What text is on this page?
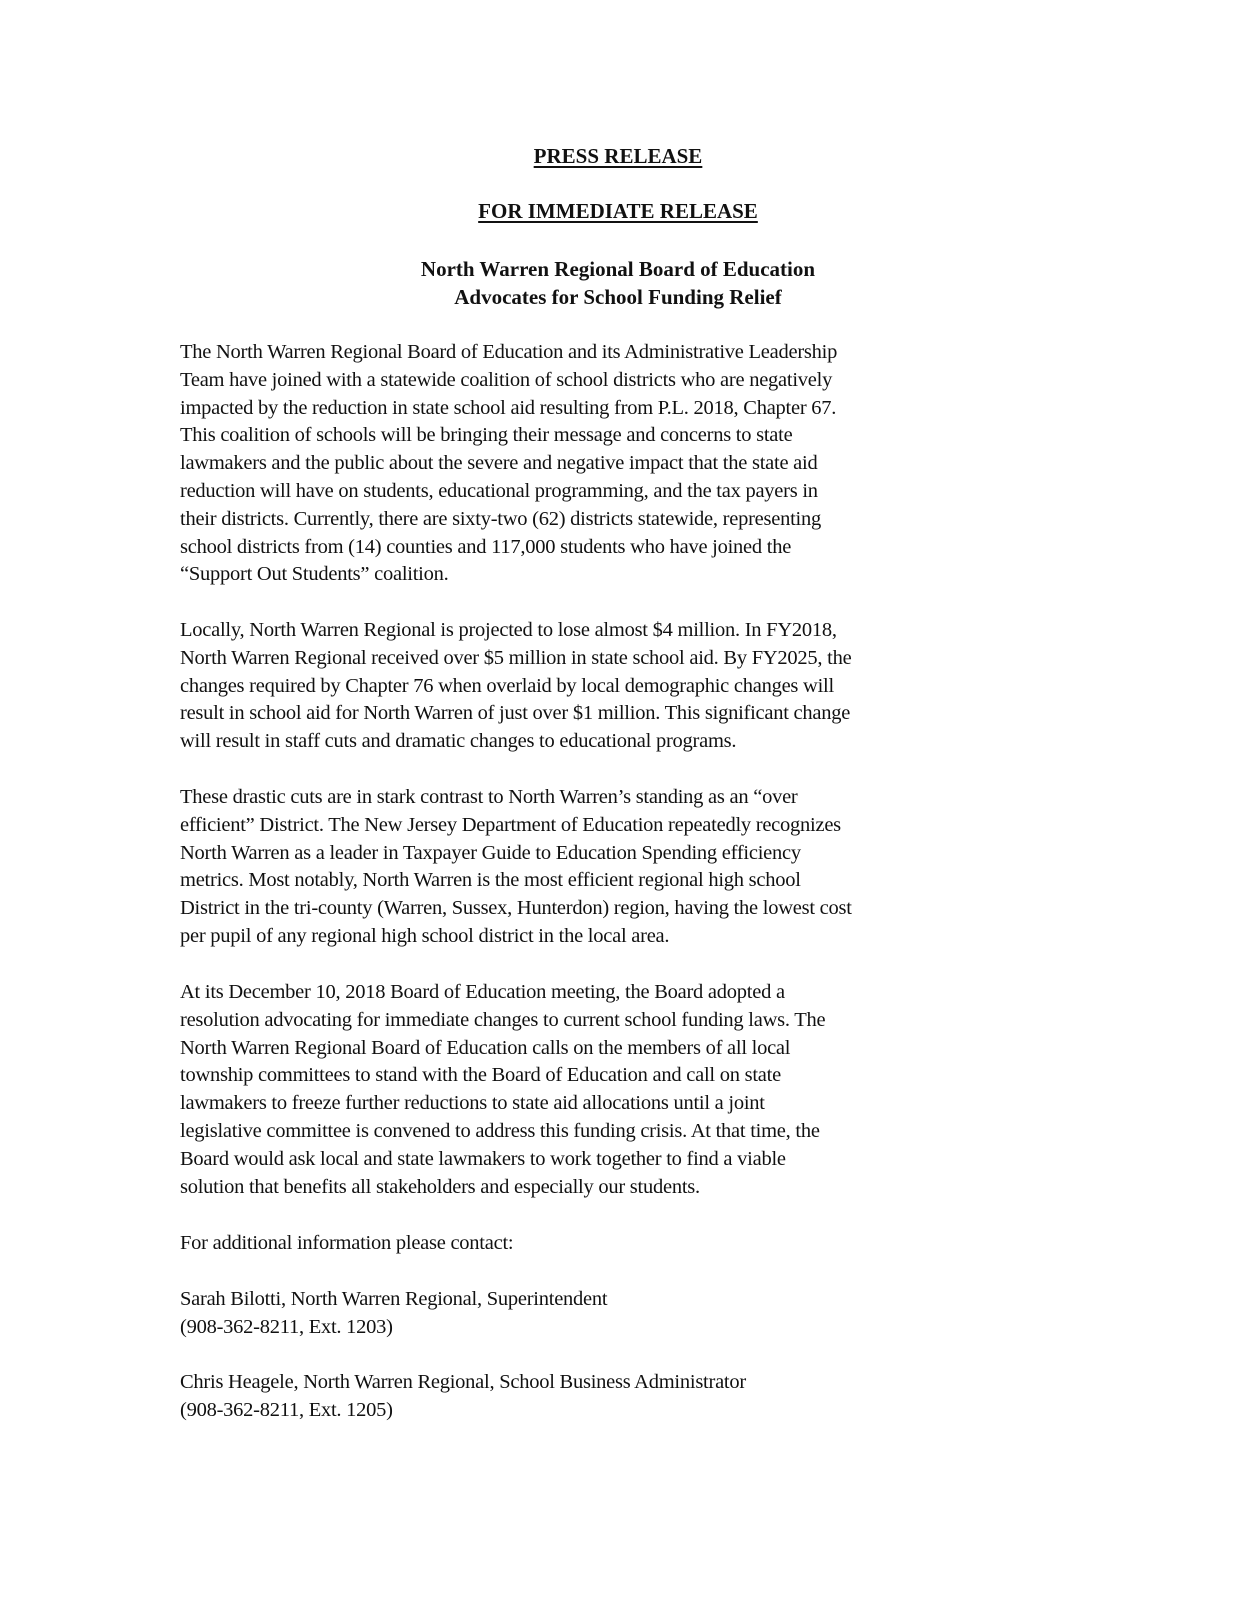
PRESS RELEASE
FOR IMMEDIATE RELEASE
North Warren Regional Board of Education
Advocates for School Funding Relief
The North Warren Regional Board of Education and its Administrative Leadership
Team have joined with a statewide coalition of school districts who are negatively
impacted by the reduction in state school aid resulting from P.L. 2018, Chapter 67.
This coalition of schools will be bringing their message and concerns to state
lawmakers and the public about the severe and negative impact that the state aid
reduction will have on students, educational programming, and the tax payers in
their districts. Currently, there are sixty-two (62) districts statewide, representing
school districts from (14) counties and 117,000 students who have joined the
“Support Out Students” coalition.
Locally, North Warren Regional is projected to lose almost $4 million. In FY2018,
North Warren Regional received over $5 million in state school aid. By FY2025, the
changes required by Chapter 76 when overlaid by local demographic changes will
result in school aid for North Warren of just over $1 million. This significant change
will result in staff cuts and dramatic changes to educational programs.
These drastic cuts are in stark contrast to North Warren’s standing as an “over
efficient” District. The New Jersey Department of Education repeatedly recognizes
North Warren as a leader in Taxpayer Guide to Education Spending efficiency
metrics. Most notably, North Warren is the most efficient regional high school
District in the tri-county (Warren, Sussex, Hunterdon) region, having the lowest cost
per pupil of any regional high school district in the local area.
At its December 10, 2018 Board of Education meeting, the Board adopted a
resolution advocating for immediate changes to current school funding laws. The
North Warren Regional Board of Education calls on the members of all local
township committees to stand with the Board of Education and call on state
lawmakers to freeze further reductions to state aid allocations until a joint
legislative committee is convened to address this funding crisis. At that time, the
Board would ask local and state lawmakers to work together to find a viable
solution that benefits all stakeholders and especially our students.
For additional information please contact:
Sarah Bilotti, North Warren Regional, Superintendent
(908-362-8211, Ext. 1203)
Chris Heagele, North Warren Regional, School Business Administrator
(908-362-8211, Ext. 1205)
